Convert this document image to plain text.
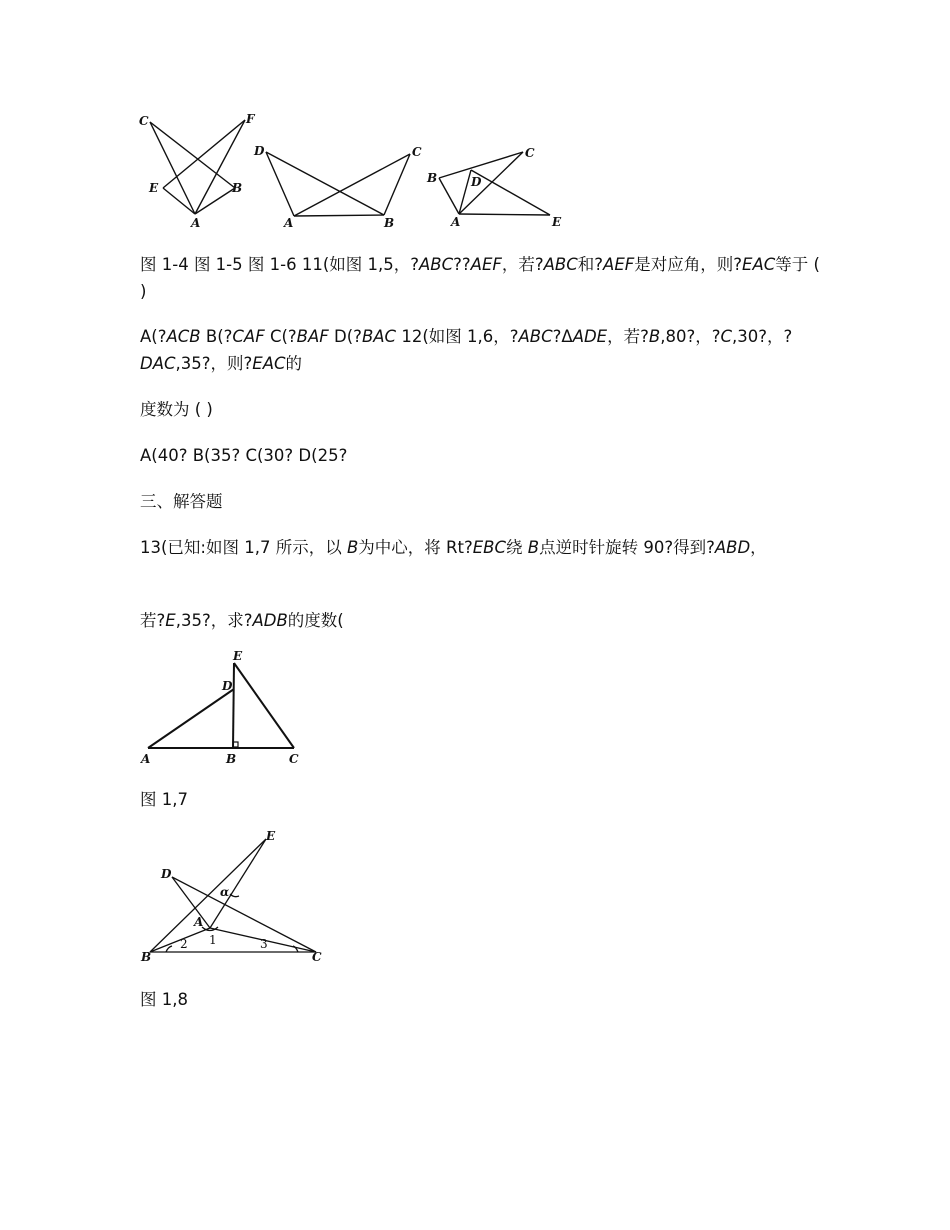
C	F
E	B
A
D	C
A	B
C
B	D
A	E
图 1-4 图 1-5 图 1-6 11(如图 1,5，?ABC??AEF，若?ABC和?AEF是对应角，则?EAC等于 ( )
A(?ACB B(?CAF C(?BAF D(?BAC 12(如图 1,6，?ABC?ΔADE，若?B,80?，?C,30?，?DAC,35?，则?EAC的
度数为 ( )
A(40? B(35? C(30? D(25?
三、解答题
13(已知:如图 1,7 所示，以 B为中心，将 Rt?EBC绕 B点逆时针旋转 90?得到?ABD，
若?E,35?，求?ADB的度数(
E
D
A	B	C
图 1,7
E
D
α
A
1
2	3
B	C
图 1,8
